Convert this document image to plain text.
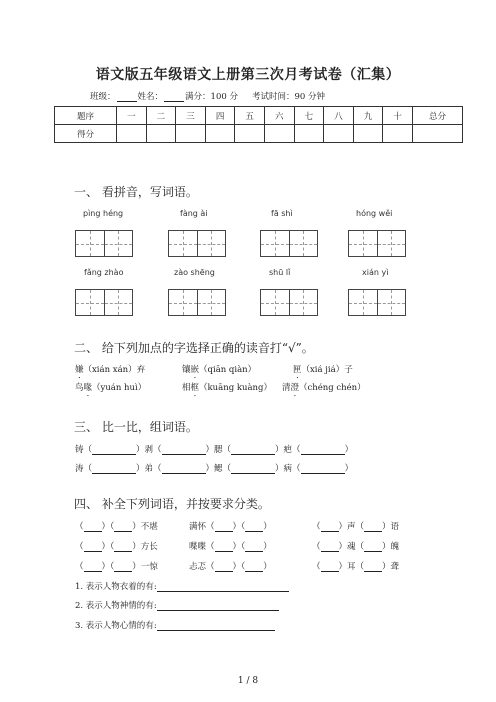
语文版五年级语文上册第三次月考试卷（汇集）
班级：	姓名：	满分：100 分 考试时间：90 分钟
题序	一	二	三	四	五	六	七	八	九	十	总分
得分											
一、 看拼音，写词语。
pìng héng	fàng ài	fā shì	hóng wěi
fǎng zhào	zào shēng	shū lǐ	xián yì
二、 给下列加点的字选择正确的读音打“√”。
嫌（xián xán）弃	镶嵌（qiān qiàn）	匣（xiá jiá）子
鸟喙（yuán huì）	相框（kuāng kuàng） 清澄（chéng chén）
三、 比一比，组词语。
铸（	）剥（	）腮（	）疤（	）
涛（	）弟（	）鳃（	）病（	）
四、 补全下列词语，并按要求分类。
（ ）（ ）不堪	满怀（ ）（ ）	（ ）声（ ）语
（ ）（ ）方长	喋喋（ ）（ ）	（ ）魂（ ）魄
（ ）（ ）一惊	忐忑（ ）（ ）	（ ）耳（ ）聋
1. 表示人物衣着的有:
2. 表示人物神情的有:
3. 表示人物心情的有:
1 / 8
